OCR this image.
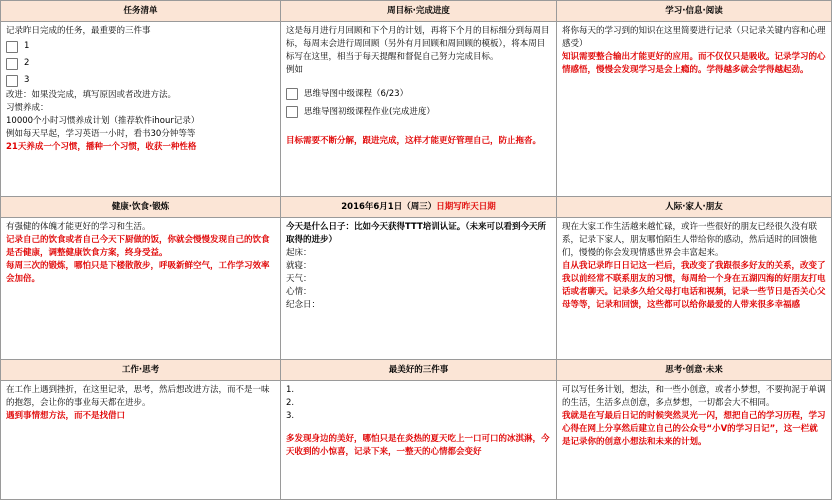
任务清单
记录昨日完成的任务，最重要的三件事
1
2
3
改进：如果没完成，填写原因或者改进方法。
习惯养成：
10000个小时习惯养成计划（推荐软件ihour记录）
例如每天早起，学习英语一小时，看书30分钟等等
21天养成一个习惯，播种一个习惯，收获一种性格
周目标·完成进度
这是每月进行月回顾和下个月的计划，再将下个月的目标细分到每周目标，每周末会进行周回顾（另外有月回顾和周回顾的模板），将本周目标写在这里，相当于每天提醒和督促自己努力完成目标。
例如
思维导图中级课程（6/23）
思维导图初级课程作业(完成进度）
目标需要不断分解，跟进完成，这样才能更好管理自己，防止拖沓。
学习·信息·阅读
将你每天的学习到的知识在这里简要进行记录（只记录关键内容和心理感受）
知识需要整合输出才能更好的应用。而不仅仅只是吸收。记录学习的心情感悟，慢慢会发现学习是会上瘾的。学得越多就会学得越起劲。
健康·饮食·锻炼
有强健的体魄才能更好的学习和生活。
记录自己的饮食或者自己今天下厨做的饭，你就会慢慢发现自己的饮食是否健康，调整健康饮食方案，终身受益。
每周三次的锻炼，哪怕只是下楼散散步，呼吸新鲜空气，工作学习效率会加倍。
2016年6月1日（周三）日期写昨天日期
今天是什么日子：比如今天获得TTT培训认证。（未来可以看到今天所取得的进步）
起床：
就寝：
天气：
心情：
纪念日：
人际·家人·朋友
现在大家工作生活越来越忙碌，或许一些很好的朋友已经很久没有联系，记录下家人，朋友哪怕陌生人带给你的感动，然后适时的回馈他们，慢慢的你会发现情感世界会丰富起来。
自从我记录昨日日记这一栏后，我改变了我跟很多好友的关系，改变了我以前经常不联系朋友的习惯，每周给一个身在五湖四海的好朋友打电话或者聊天。记录多久给父母打电话和视频，记录一些节日是否关心父母等等，记录和回馈，这些都可以给你最爱的人带来很多幸福感
工作·思考
在工作上遇到挫折，在这里记录，思考，然后想改进方法，而不是一味的抱怨，会让你的事业每天都在进步。
遇到事情想方法，而不是找借口
最美好的三件事
1.
2.
3.
多发现身边的美好，哪怕只是在炎热的夏天吃上一口可口的冰淇淋，今天收到的小惊喜，记录下来，一整天的心情都会变好
思考·创意·未来
可以写任务计划，想法，和一些小创意，或者小梦想，不要拘泥于单调的生活，生活多点创意，多点梦想，一切都会大不相同。
我就是在写最后日记的时候突然灵光一闪，想把自己的学习历程，学习心得在网上分享然后建立自己的公众号“小V的学习日记”，这一栏就是记录你的创意小想法和未来的计划。
